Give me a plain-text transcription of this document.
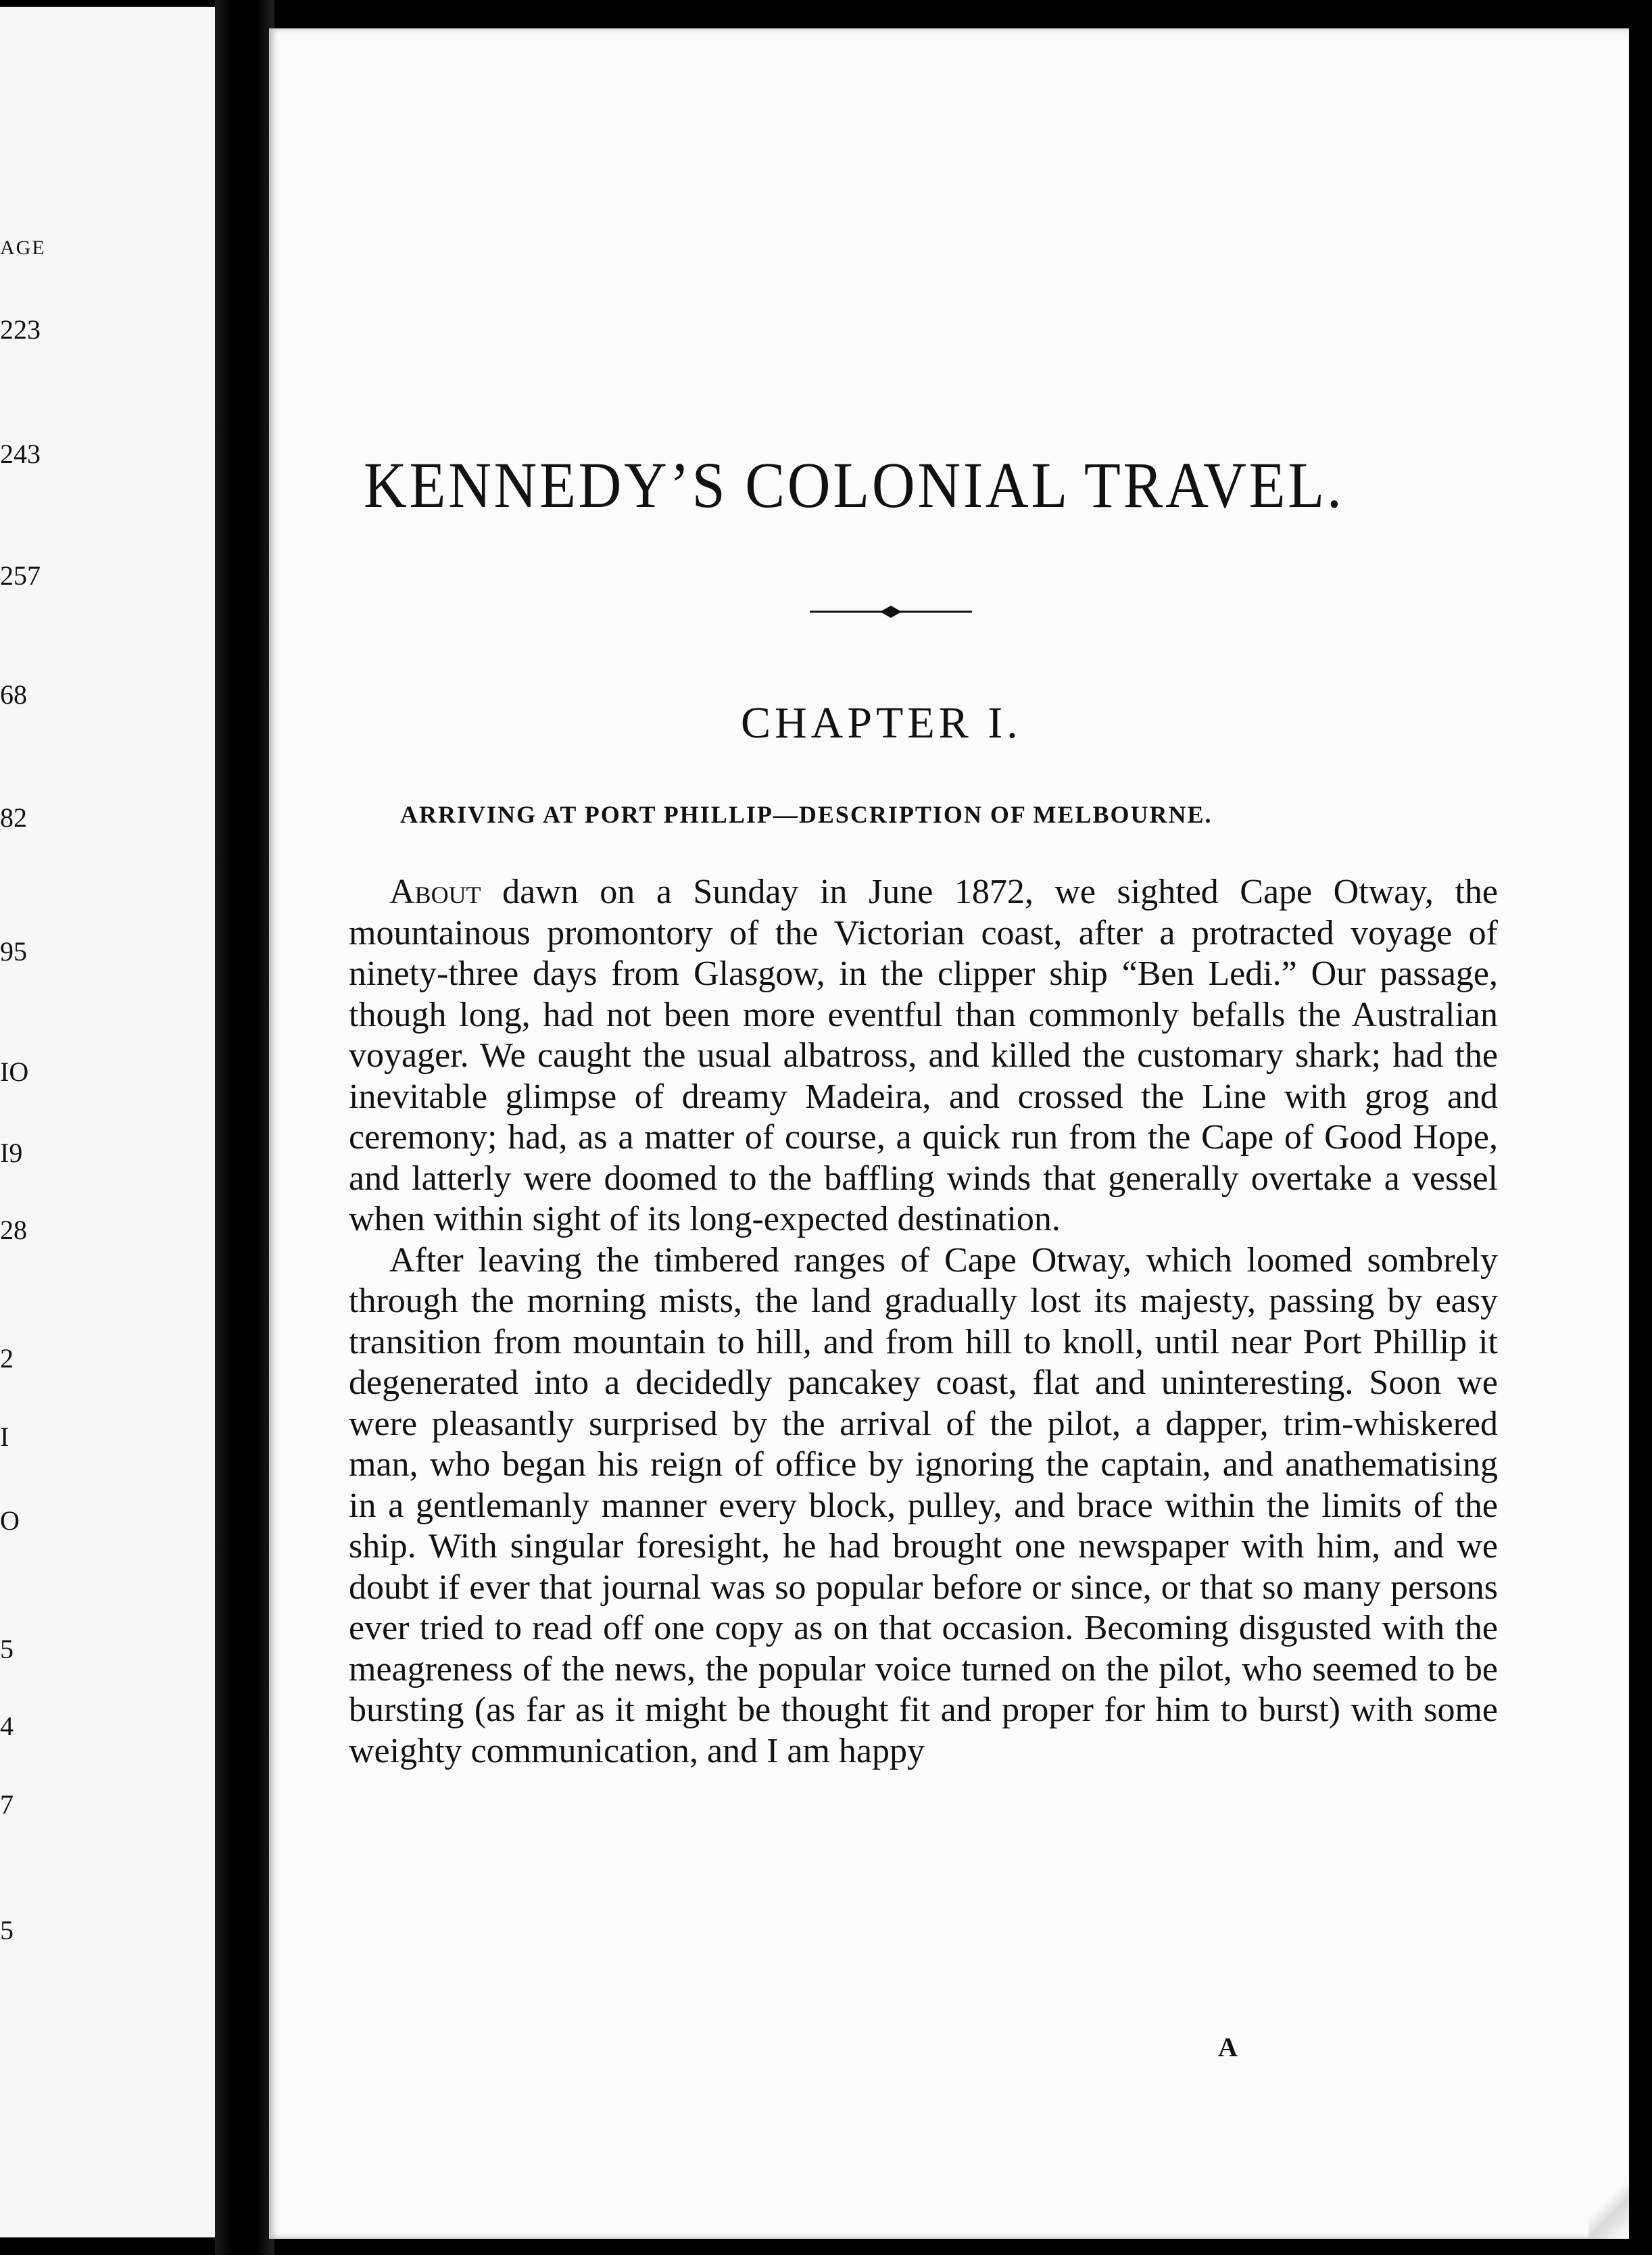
AGE
223
243
257
68
82
95
IO
I9
28
2
I
O
5
4
7
5
KENNEDY’S COLONIAL TRAVEL.
CHAPTER I.
ARRIVING AT PORT PHILLIP—DESCRIPTION OF MELBOURNE.

About dawn on a Sunday in June 1872, we sighted Cape Otway, the mountainous promontory of the Victorian coast, after a protracted voyage of ninety-three days from Glasgow, in the clipper ship “Ben Ledi.” Our passage, though long, had not been more eventful than commonly befalls the Australian voyager. We caught the usual albatross, and killed the customary shark; had the inevitable glimpse of dreamy Madeira, and crossed the Line with grog and ceremony; had, as a matter of course, a quick run from the Cape of Good Hope, and latterly were doomed to the baffling winds that generally overtake a vessel when within sight of its long-expected destination.

After leaving the timbered ranges of Cape Otway, which loomed sombrely through the morning mists, the land gradually lost its majesty, passing by easy transition from mountain to hill, and from hill to knoll, until near Port Phillip it degenerated into a decidedly pancakey coast, flat and uninteresting. Soon we were pleasantly surprised by the arrival of the pilot, a dapper, trim-whiskered man, who began his reign of office by ignoring the captain, and anathematising in a gentlemanly manner every block, pulley, and brace within the limits of the ship. With singular foresight, he had brought one newspaper with him, and we doubt if ever that journal was so popular before or since, or that so many persons ever tried to read off one copy as on that occasion. Becoming disgusted with the meagreness of the news, the popular voice turned on the pilot, who seemed to be bursting (as far as it might be thought fit and proper for him to burst) with some weighty communication, and I am happy

A
